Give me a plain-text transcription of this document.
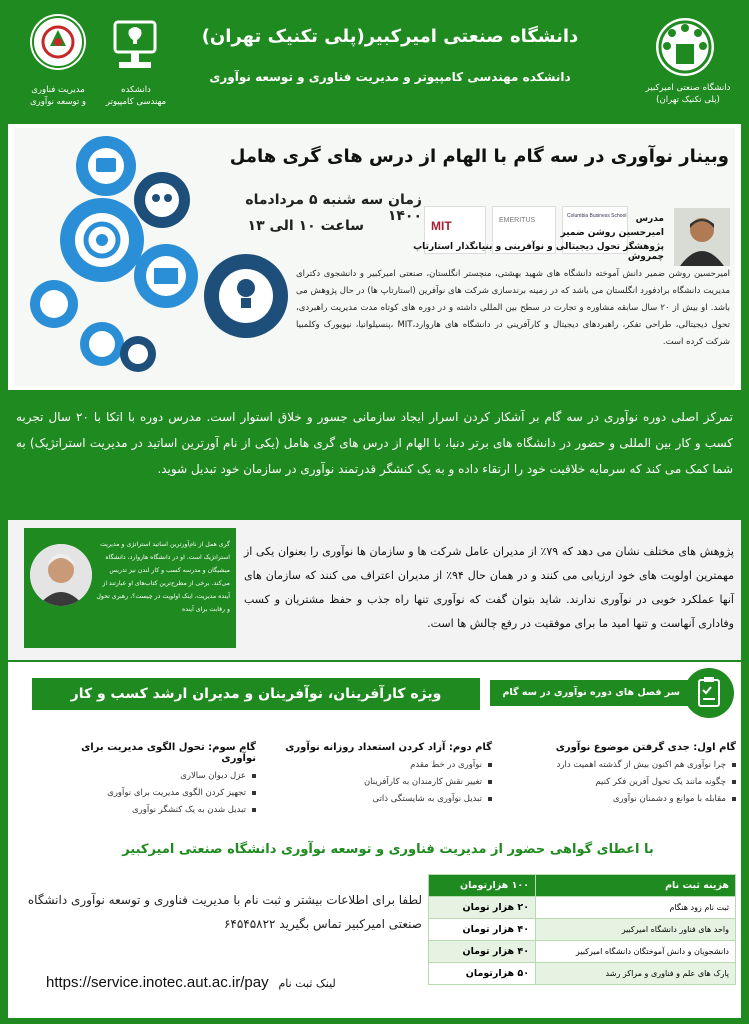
مدیریت فناوری
و توسعه نوآوری
دانشکده
مهندسی کامپیوتر
دانشگاه صنعتی امیرکبیر(پلی تکنیک تهران)
دانشکده مهندسی کامپیوتر و مدیریت فناوری و توسعه نوآوری
دانشگاه صنعتی امیرکبیر
(پلی تکنیک تهران)
وبینار نوآوری در سه گام با الهام از درس های گری هامل
زمان سه شنبه ۵ مردادماه ۱۴۰۰
ساعت ۱۰ الی ۱۳	MIT	EMERITUS
Columbia Business School	مدرس
امیرحسین روشن ضمیر
پژوهشگر تحول دیجیتالی و نوآفرینی و بنیانگذار استارتاپ چمروش
امیرحسین روشن ضمیر دانش آموخته دانشگاه های شهید بهشتی، منچستر انگلستان، صنعتی امیرکبیر و دانشجوی دکترای مدیریت دانشگاه برادفورد انگلستان می باشد که در زمینه برندسازی شرکت های نوآفرین (استارتاپ ها) در حال پژوهش می باشد. او بیش از ۲۰ سال سابقه مشاوره و تجارت در سطح بین المللی داشته و در دوره های کوتاه مدت مدیریت راهبردی، تحول دیجیتالی، طراحی تفکر، راهبردهای دیجیتال و کارآفرینی در دانشگاه های هاروارد،MIT ،پنسیلوانیا، نیویورک وکلمبیا شرکت کرده است.
تمرکز اصلی دوره نوآوری در سه گام بر آشکار کردن اسرار ایجاد سازمانی جسور و خلاق استوار است. مدرس دوره با اتکا با ۲۰ سال تجربه کسب و کار بین المللی و حضور در دانشگاه های برتر دنیا، با الهام از درس های گری هامل (یکی از نام آورترین اساتید در مدیریت استراتژیک) به شما کمک می کند که سرمایه خلاقیت خود را ارتقاء داده و به یک کنشگر قدرتمند نوآوری در سازمان خود تبدیل شوید.
گری همل از نام‌آورترین اساتید استراتژی و مدیریت استراتژیک است. او در دانشگاه هاروارد، دانشگاه میشیگان و مدرسه کسب و کار لندن نیز تدریس می‌کند. برخی از مطرح‌ترین کتاب‌های او عبارتند از آینده مدیریت، اینک اولویت در چیست؟، رهبری تحول و رقابت برای آینده
پژوهش های مختلف نشان می دهد که ۷۹٪ از مدیران عامل شرکت ها و سازمان ها نوآوری را بعنوان یکی از مهمترین اولویت های خود ارزیابی می کنند و در همان حال ۹۴٪ از مدیران اعتراف می کنند که سازمان های آنها عملکرد خوبی در نوآوری ندارند. شاید بتوان گفت که نوآوری تنها راه جذب و حفظ مشتریان و کسب وفاداری آنهاست و تنها امید ما برای موفقیت در رفع چالش ها است.
ویژه کارآفرینان، نوآفرینان و مدیران ارشد کسب و کار	سر فصل های دوره نوآوری در سه گام
گام اول: جدی گرفتن موضوع نوآوری
چرا نوآوری هم اکنون بیش از گذشته اهمیت دارد
چگونه مانند یک تحول آفرین فکر کنیم
مقابله با موانع و دشمنان نوآوری
گام دوم: آزاد کردن استعداد روزانه نوآوری
نوآوری در خط مقدم
تغییر نقش کارمندان به کارآفرینان
تبدیل نوآوری به شایستگی ذاتی
گام سوم: تحول الگوی مدیریت برای نوآوری
عزل دیوان سالاری
تجهیز کردن الگوی مدیریت برای نوآوری
تبدیل شدن به یک کنشگر نوآوری
با اعطای گواهی حضور از مدیریت فناوری و توسعه نوآوری دانشگاه صنعتی امیرکبیر
هزینه ثبت نام	۱۰۰ هزارتومان
ثبت نام زود هنگام	۲۰ هزار تومان
واحد های فناور دانشگاه امیرکبیر	۴۰ هزار تومان
دانشجویان و دانش آموختگان دانشگاه امیرکبیر	۴۰ هزار تومان
پارک های علم و فناوری و مراکز رشد	۵۰ هزارتومان
لطفا برای اطلاعات بیشتر و ثبت نام با مدیریت فناوری و توسعه نوآوری دانشگاه صنعتی امیرکبیر تماس بگیرید ۶۴۵۴۵۸۲۲
https://service.inotec.aut.ac.ir/pay لینک ثبت نام
